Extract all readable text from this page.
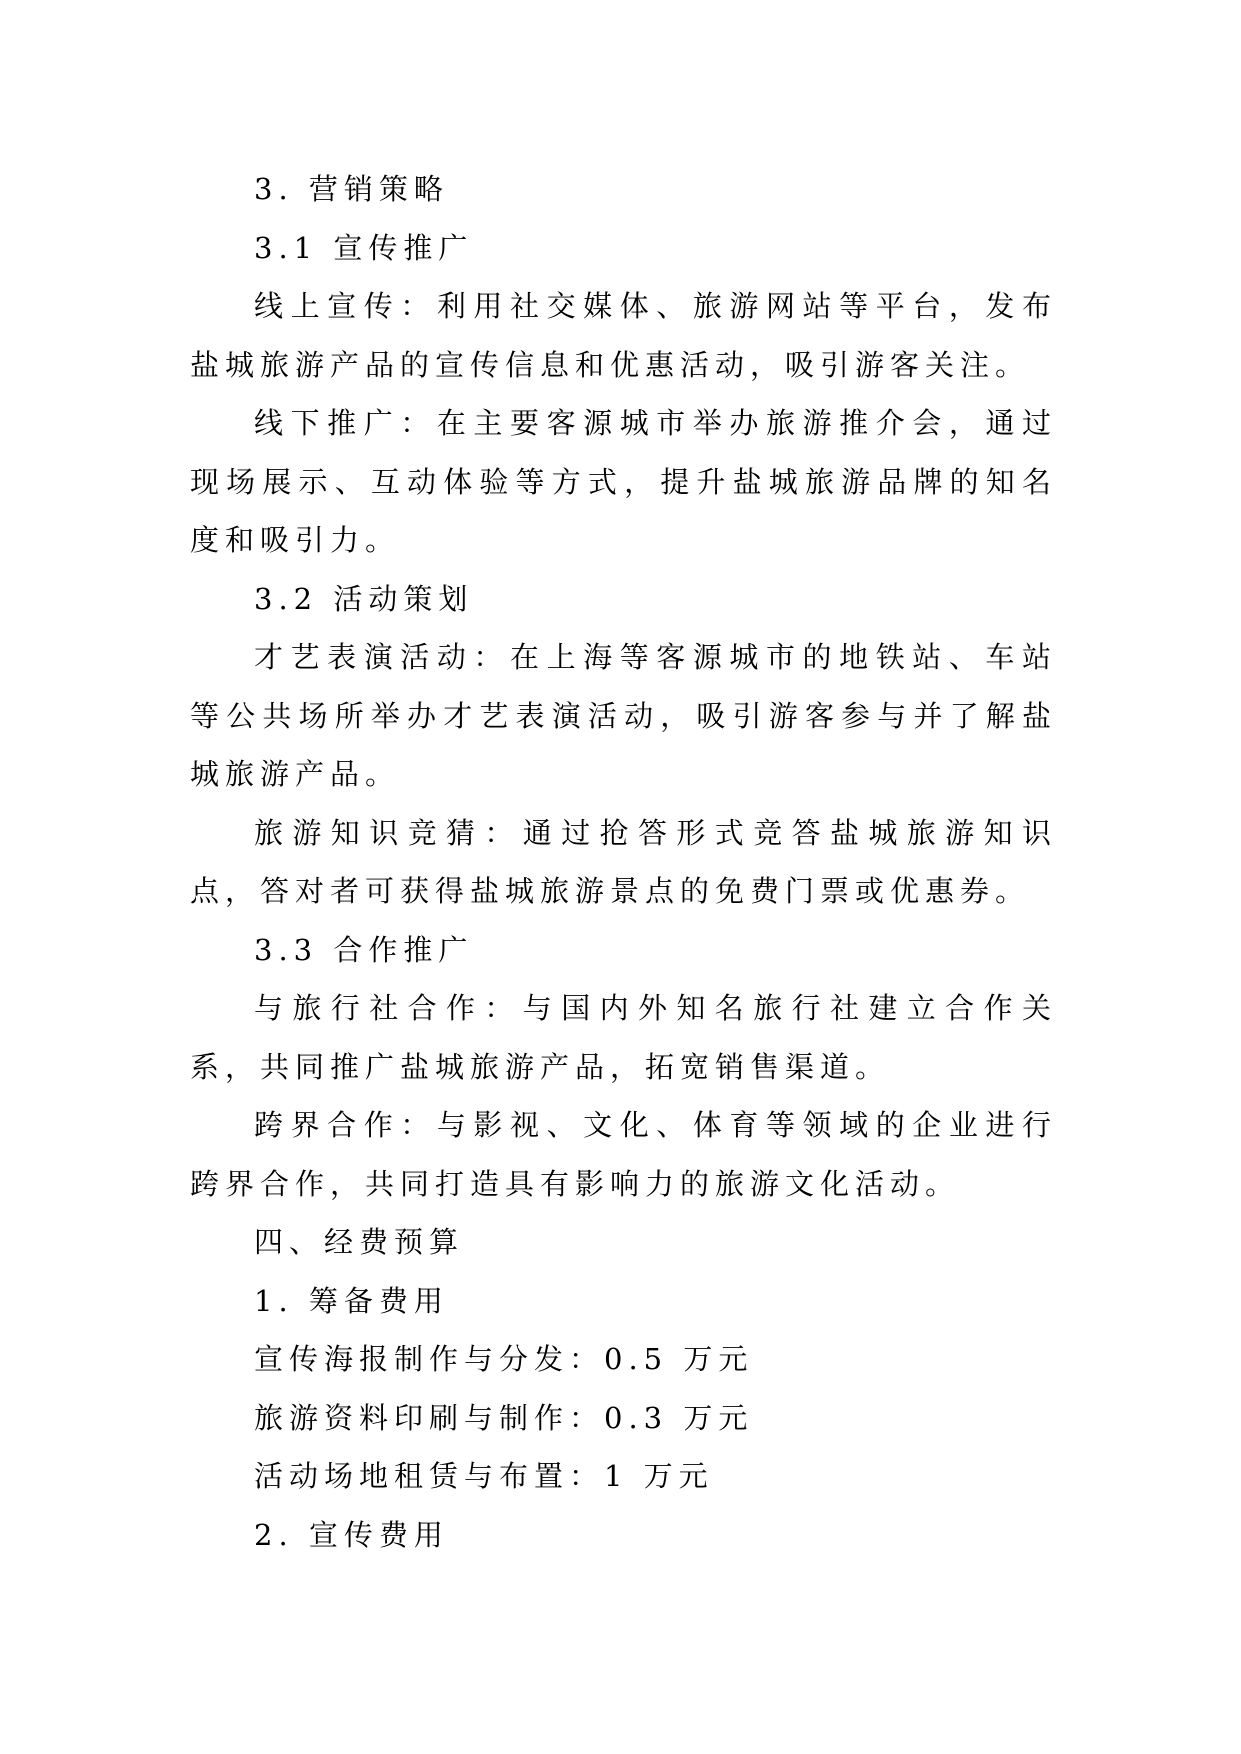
3. 营销策略
3.1 宣传推广

线上宣传：利用社交媒体、旅游网站等平台，发布盐城旅游产品的宣传信息和优惠活动，吸引游客关注。

线下推广：在主要客源城市举办旅游推介会，通过现场展示、互动体验等方式，提升盐城旅游品牌的知名度和吸引力。

3.2 活动策划

才艺表演活动：在上海等客源城市的地铁站、车站等公共场所举办才艺表演活动，吸引游客参与并了解盐城旅游产品。

旅游知识竞猜：通过抢答形式竞答盐城旅游知识点，答对者可获得盐城旅游景点的免费门票或优惠券。

3.3 合作推广

与旅行社合作：与国内外知名旅行社建立合作关系，共同推广盐城旅游产品，拓宽销售渠道。

跨界合作：与影视、文化、体育等领域的企业进行跨界合作，共同打造具有影响力的旅游文化活动。

四、经费预算
1. 筹备费用
宣传海报制作与分发：0.5 万元
旅游资料印刷与制作：0.3 万元
活动场地租赁与布置：1 万元
2. 宣传费用
